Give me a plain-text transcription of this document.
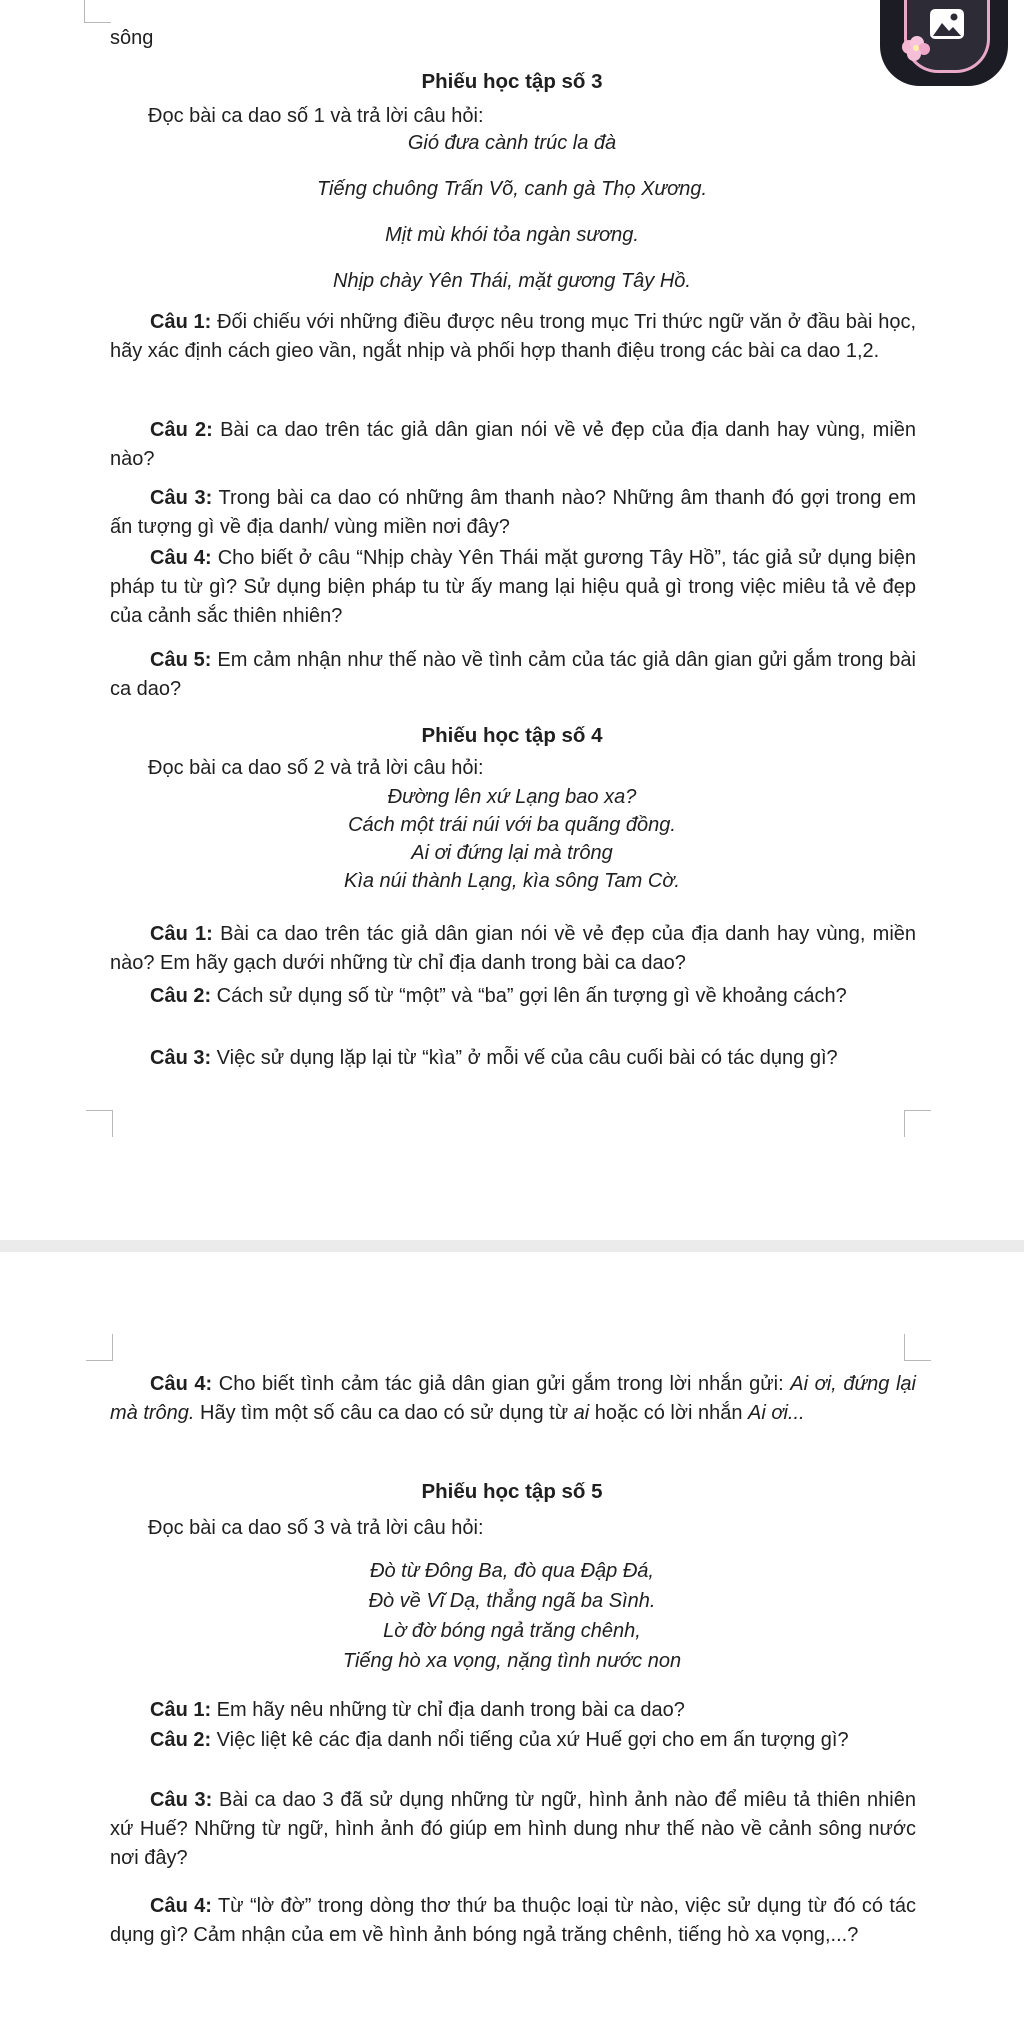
sông
Phiếu học tập số 3
Đọc bài ca dao số 1 và trả lời câu hỏi:
Gió đưa cành trúc la đà
Tiếng chuông Trấn Võ, canh gà Thọ Xương.
Mịt mù khói tỏa ngàn sương.
Nhịp chày Yên Thái, mặt gương Tây Hồ.
Câu 1: Đối chiếu với những điều được nêu trong mục Tri thức ngữ văn ở đầu bài học, hãy xác định cách gieo vần, ngắt nhịp và phối hợp thanh điệu trong các bài ca dao 1,2.
Câu 2: Bài ca dao trên tác giả dân gian nói về vẻ đẹp của địa danh hay vùng, miền nào?
Câu 3: Trong bài ca dao có những âm thanh nào? Những âm thanh đó gợi trong em ấn tượng gì về địa danh/ vùng miền nơi đây?
Câu 4: Cho biết ở câu “Nhịp chày Yên Thái mặt gương Tây Hồ”, tác giả sử dụng biện pháp tu từ gì? Sử dụng biện pháp tu từ ấy mang lại hiệu quả gì trong việc miêu tả vẻ đẹp của cảnh sắc thiên nhiên?
Câu 5: Em cảm nhận như thế nào về tình cảm của tác giả dân gian gửi gắm trong bài ca dao?
Phiếu học tập số 4
Đọc bài ca dao số 2 và trả lời câu hỏi:
Đường lên xứ Lạng bao xa?
Cách một trái núi với ba quãng đồng.
Ai ơi đứng lại mà trông
Kìa núi thành Lạng, kìa sông Tam Cờ.
Câu 1: Bài ca dao trên tác giả dân gian nói về vẻ đẹp của địa danh hay vùng, miền nào? Em hãy gạch dưới những từ chỉ địa danh trong bài ca dao?
Câu 2: Cách sử dụng số từ “một” và “ba” gợi lên ấn tượng gì về khoảng cách?
Câu 3: Việc sử dụng lặp lại từ “kìa” ở mỗi vế của câu cuối bài có tác dụng gì?
Câu 4: Cho biết tình cảm tác giả dân gian gửi gắm trong lời nhắn gửi: Ai ơi, đứng lại mà trông. Hãy tìm một số câu ca dao có sử dụng từ ai hoặc có lời nhắn Ai ơi...
Phiếu học tập số 5
Đọc bài ca dao số 3 và trả lời câu hỏi:
Đò từ Đông Ba, đò qua Đập Đá,
Đò về Vĩ Dạ, thẳng ngã ba Sình.
Lờ đờ bóng ngả trăng chênh,
Tiếng hò xa vọng, nặng tình nước non
Câu 1: Em hãy nêu những từ chỉ địa danh trong bài ca dao?
Câu 2: Việc liệt kê các địa danh nổi tiếng của xứ Huế gợi cho em ấn tượng gì?
Câu 3: Bài ca dao 3 đã sử dụng những từ ngữ, hình ảnh nào để miêu tả thiên nhiên xứ Huế? Những từ ngữ, hình ảnh đó giúp em hình dung như thế nào về cảnh sông nước nơi đây?
Câu 4: Từ “lờ đờ” trong dòng thơ thứ ba thuộc loại từ nào, việc sử dụng từ đó có tác dụng gì? Cảm nhận của em về hình ảnh bóng ngả trăng chênh, tiếng hò xa vọng,...?
